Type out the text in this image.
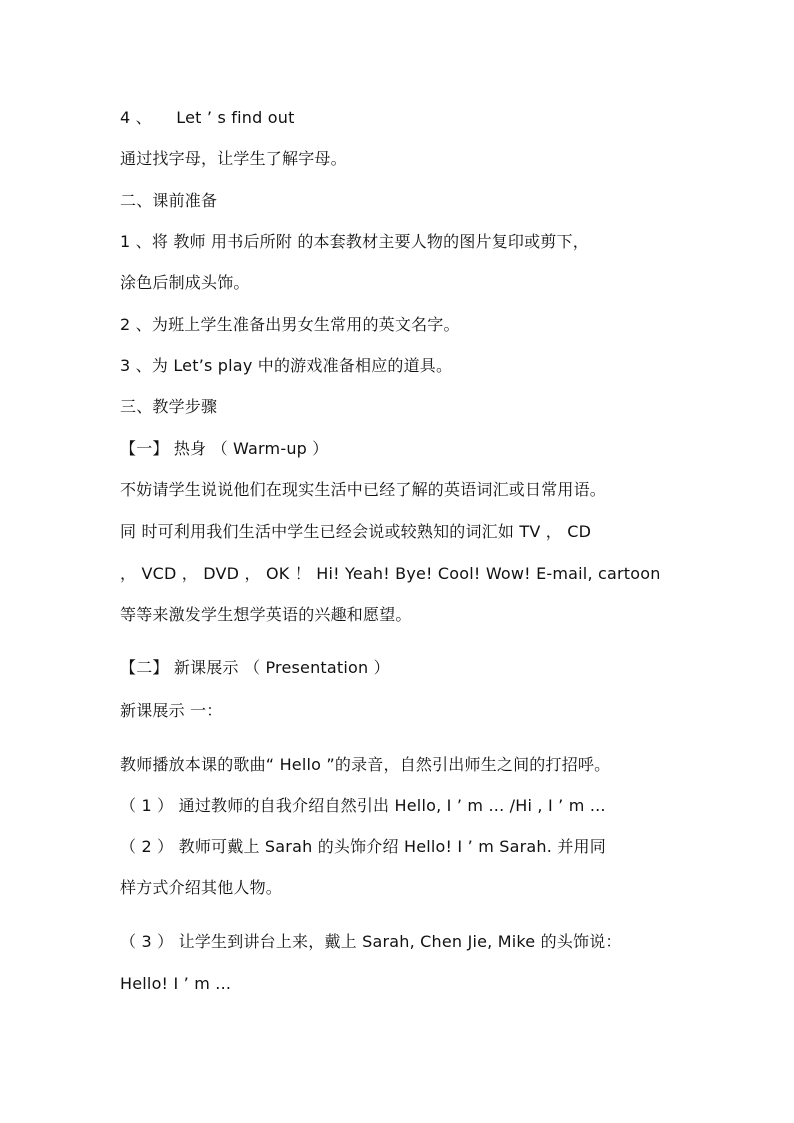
4 、　　Let ’ s find out
通过找字母，让学生了解字母。
二、课前准备
1 、将 教师 用书后所附 的本套教材主要人物的图片复印或剪下，
涂色后制成头饰。
2 、为班上学生准备出男女生常用的英文名字。
3 、为 Let’s play 中的游戏准备相应的道具。
三、教学步骤
【一】 热身 （ Warm-up ）
不妨请学生说说他们在现实生活中已经了解的英语词汇或日常用语。
同 时可利用我们生活中学生已经会说或较熟知的词汇如 TV ， CD
， VCD ， DVD ， OK ！ Hi! Yeah! Bye! Cool! Wow! E-mail, cartoon
等等来激发学生想学英语的兴趣和愿望。
【二】 新课展示 （ Presentation ）
新课展示 一：
教师播放本课的歌曲“ Hello ”的录音，自然引出师生之间的打招呼。
（ 1 ） 通过教师的自我介绍自然引出 Hello, I ’ m ... /Hi , I ’ m ...
（ 2 ） 教师可戴上 Sarah 的头饰介绍 Hello! I ’ m Sarah. 并用同
样方式介绍其他人物。
（ 3 ） 让学生到讲台上来，戴上 Sarah, Chen Jie, Mike 的头饰说：
Hello! I ’ m ...
